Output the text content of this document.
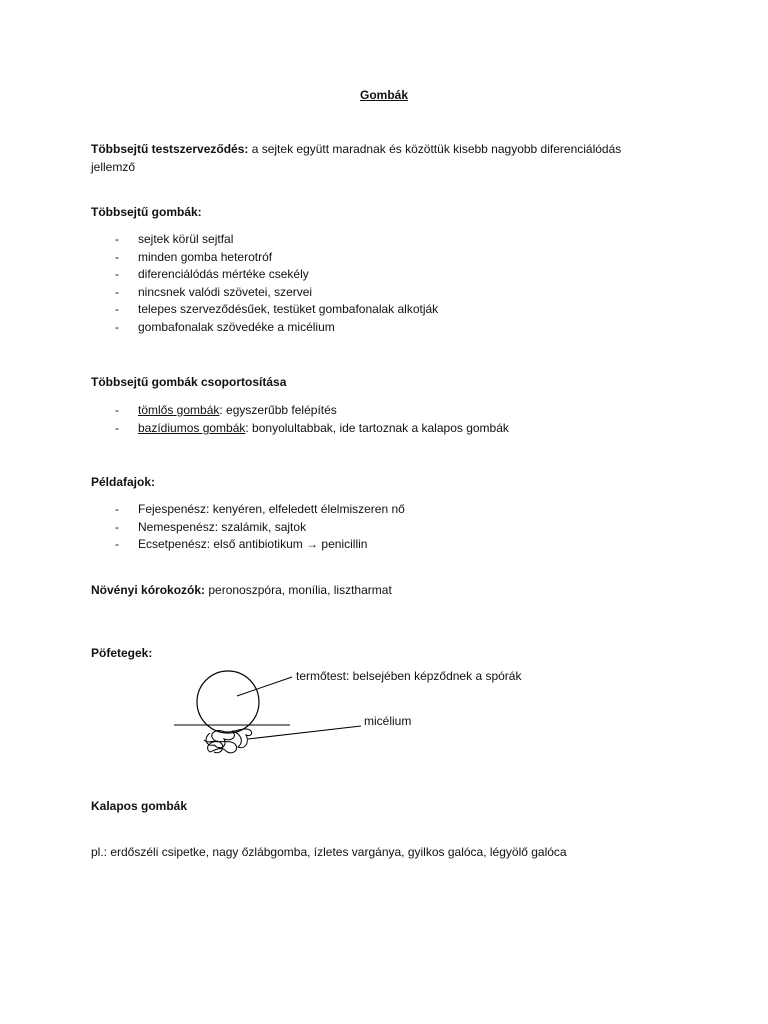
Gombák
Többsejtű testszerveződés: a sejtek együtt maradnak és közöttük kisebb nagyobb diferenciálódás
jellemző
Többsejtű gombák:
- sejtek körül sejtfal
- minden gomba heterotróf
- diferenciálódás mértéke csekély
- nincsnek valódi szövetei, szervei
- telepes szerveződésűek, testüket gombafonalak alkotják
- gombafonalak szövedéke a micélium
Többsejtű gombák csoportosítása
- tömlős gombák: egyszerűbb felépítés
- bazídiumos gombák: bonyolultabbak, ide tartoznak a kalapos gombák
Példafajok:
- Fejespenész: kenyéren, elfeledett élelmiszeren nő
- Nemespenész: szalámik, sajtok
- Ecsetpenész: első antibiotikum → penicillin
Növényi kórokozók: peronoszpóra, monília, lisztharmat
Pöfetegek:
termőtest: belsejében képződnek a spórák
micélium
Kalapos gombák
pl.: erdőszéli csipetke, nagy őzlábgomba, ízletes vargánya, gyilkos galóca, légyölő galóca
